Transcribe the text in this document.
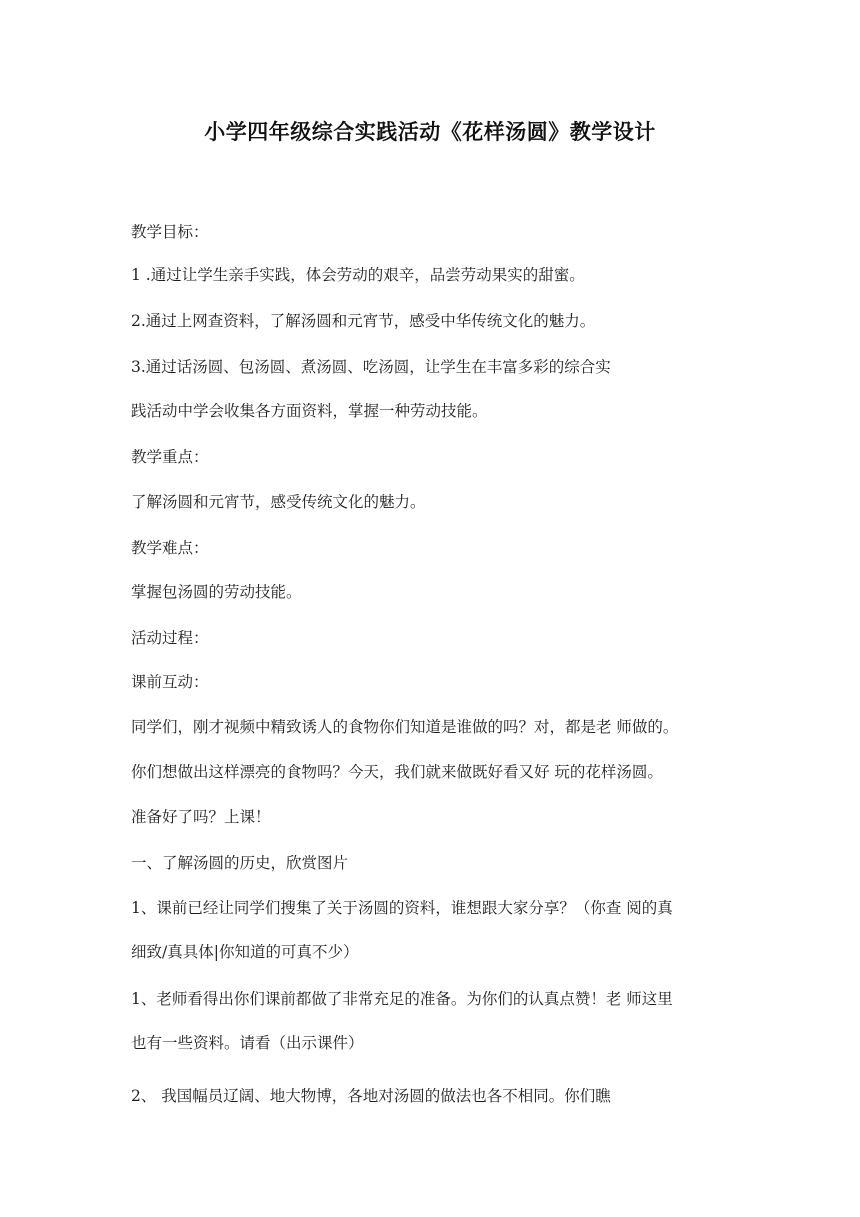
小学四年级综合实践活动《花样汤圆》教学设计
教学目标：
1 .通过让学生亲手实践，体会劳动的艰辛，品尝劳动果实的甜蜜。
2.通过上网查资料，了解汤圆和元宵节，感受中华传统文化的魅力。
3.通过话汤圆、包汤圆、煮汤圆、吃汤圆，让学生在丰富多彩的综合实
践活动中学会收集各方面资料，掌握一种劳动技能。
教学重点：
了解汤圆和元宵节，感受传统文化的魅力。
教学难点：
掌握包汤圆的劳动技能。
活动过程：
课前互动：
同学们，刚才视频中精致诱人的食物你们知道是谁做的吗？对，都是老 师做的。
你们想做出这样漂亮的食物吗？今天，我们就来做既好看又好 玩的花样汤圆。
准备好了吗？上课！
一、了解汤圆的历史，欣赏图片
1、课前已经让同学们搜集了关于汤圆的资料，谁想跟大家分享？（你查 阅的真
细致/真具体|你知道的可真不少）
1、老师看得出你们课前都做了非常充足的准备。为你们的认真点赞！老 师这里
也有一些资料。请看（出示课件）
2、 我国幅员辽阔、地大物博，各地对汤圆的做法也各不相同。你们瞧
